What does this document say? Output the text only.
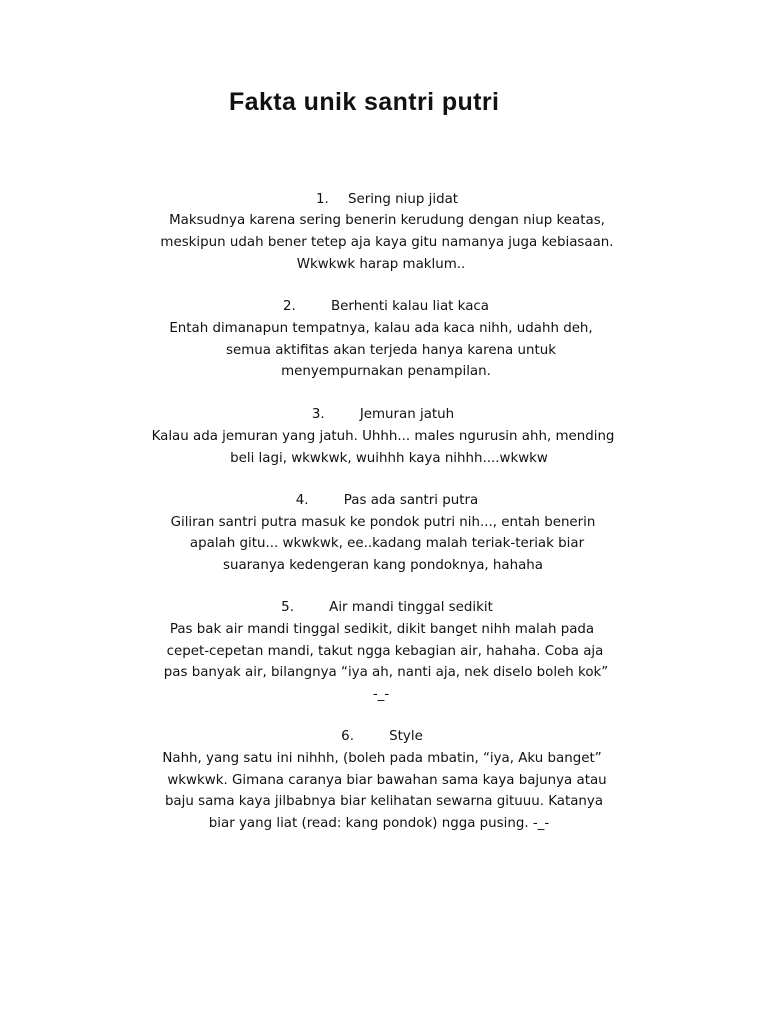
Fakta unik santri putri
1. Sering niup jidat
Maksudnya karena sering benerin kerudung dengan niup keatas,
meskipun udah bener tetep aja kaya gitu namanya juga kebiasaan.
Wkwkwk harap maklum..
2.	Berhenti kalau liat kaca
Entah dimanapun tempatnya, kalau ada kaca nihh, udahh deh,
semua aktifitas akan terjeda hanya karena untuk
menyempurnakan penampilan.
3.	Jemuran jatuh
Kalau ada jemuran yang jatuh. Uhhh... males ngurusin ahh, mending
beli lagi, wkwkwk, wuihhh kaya nihhh....wkwkw
4.	Pas ada santri putra
Giliran santri putra masuk ke pondok putri nih..., entah benerin
apalah gitu... wkwkwk, ee..kadang malah teriak-teriak biar
suaranya kedengeran kang pondoknya, hahaha
5.	Air mandi tinggal sedikit
Pas bak air mandi tinggal sedikit, dikit banget nihh malah pada
cepet-cepetan mandi, takut ngga kebagian air, hahaha. Coba aja
pas banyak air, bilangnya “iya ah, nanti aja, nek diselo boleh kok”
-_-
6.	Style
Nahh, yang satu ini nihhh, (boleh pada mbatin, “iya, Aku banget”
wkwkwk. Gimana caranya biar bawahan sama kaya bajunya atau
baju sama kaya jilbabnya biar kelihatan sewarna gituuu. Katanya
biar yang liat (read: kang pondok) ngga pusing. -_-
